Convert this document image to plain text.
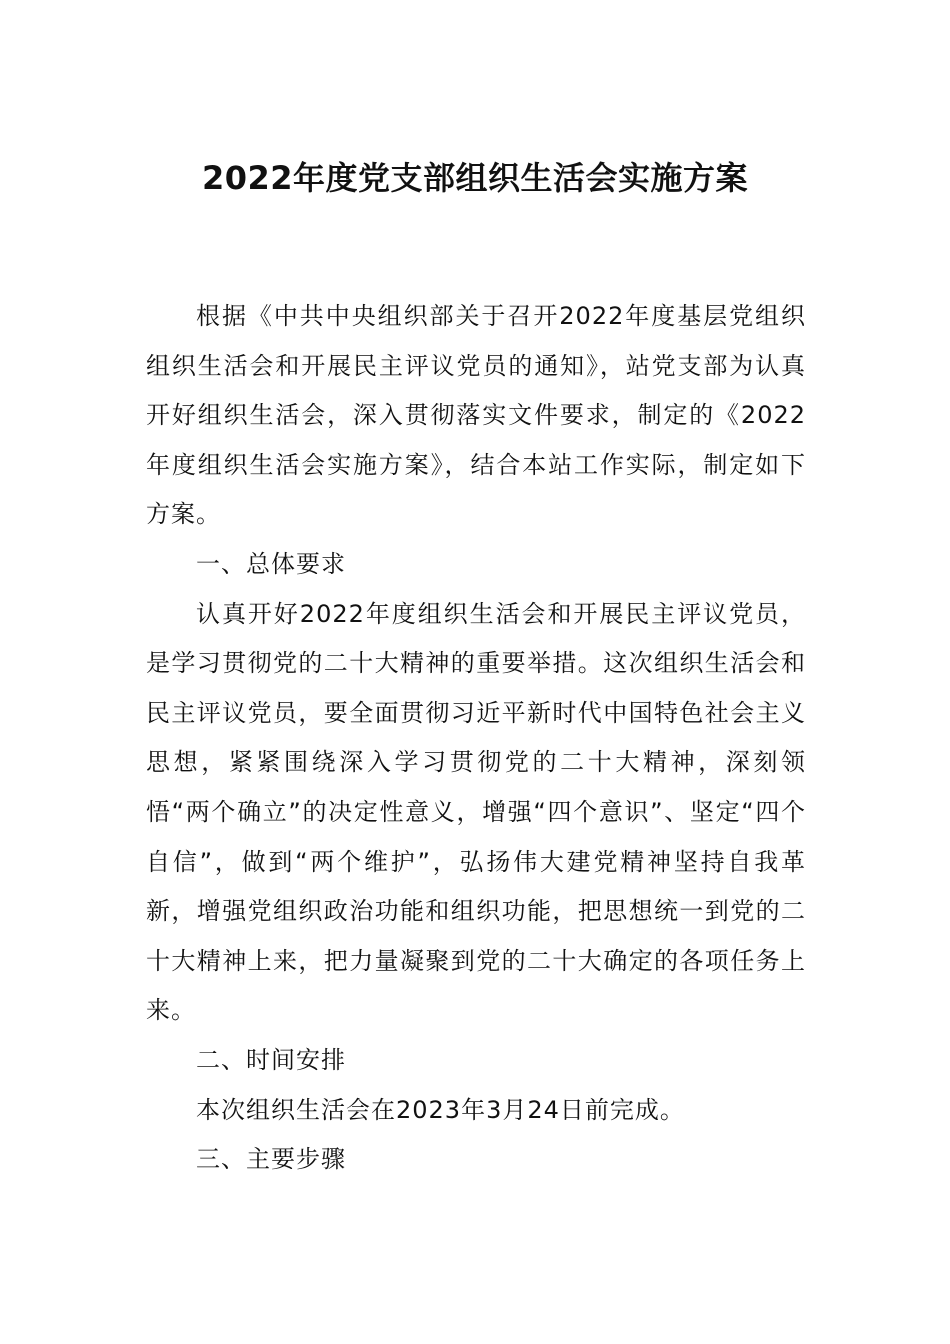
2022年度党支部组织生活会实施方案

根据《中共中央组织部关于召开2022年度基层党组织组织生活会和开展民主评议党员的通知》，站党支部为认真开好组织生活会，深入贯彻落实文件要求，制定的《2022年度组织生活会实施方案》，结合本站工作实际，制定如下方案。

一、总体要求

认真开好2022年度组织生活会和开展民主评议党员，是学习贯彻党的二十大精神的重要举措。这次组织生活会和民主评议党员，要全面贯彻习近平新时代中国特色社会主义思想，紧紧围绕深入学习贯彻党的二十大精神，深刻领悟“两个确立”的决定性意义，增强“四个意识”、坚定“四个自信”，做到“两个维护”，弘扬伟大建党精神坚持自我革新，增强党组织政治功能和组织功能，把思想统一到党的二十大精神上来，把力量凝聚到党的二十大确定的各项任务上来。

二、时间安排

本次组织生活会在2023年3月24日前完成。

三、主要步骤
